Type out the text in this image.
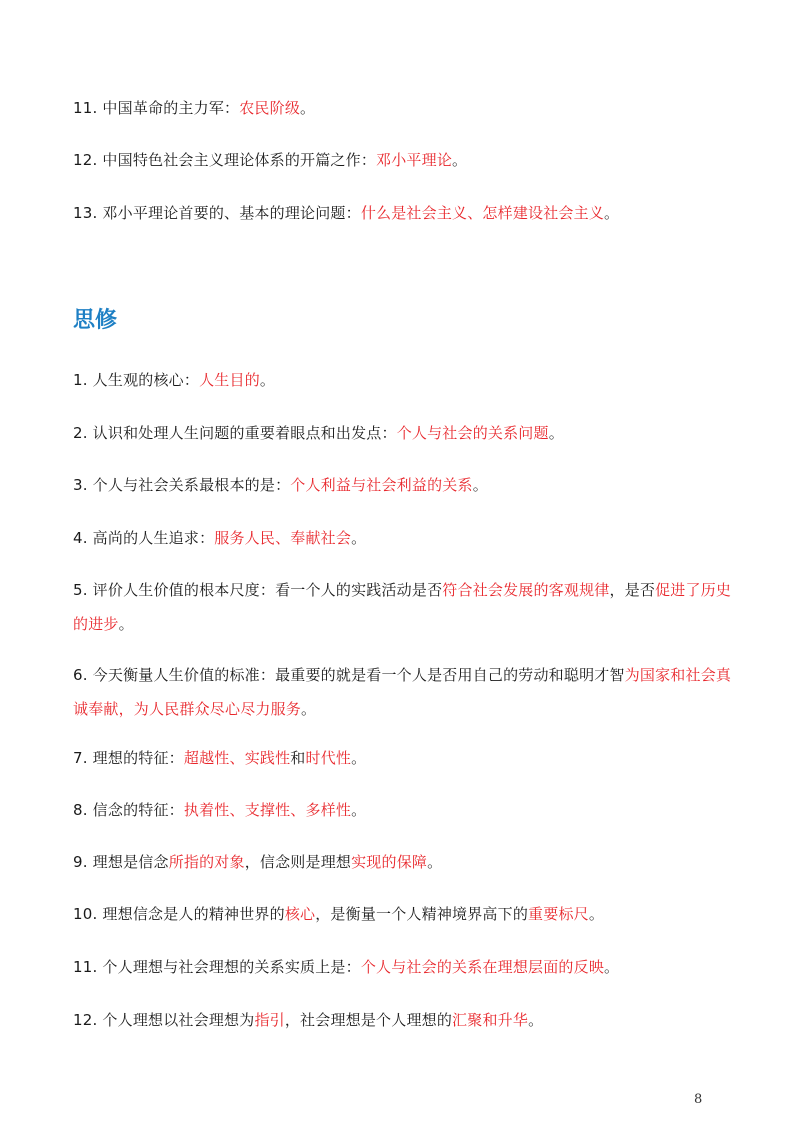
11. 中国革命的主力军：农民阶级。
12. 中国特色社会主义理论体系的开篇之作：邓小平理论。
13. 邓小平理论首要的、基本的理论问题：什么是社会主义、怎样建设社会主义。
思修
1. 人生观的核心：人生目的。
2. 认识和处理人生问题的重要着眼点和出发点：个人与社会的关系问题。
3. 个人与社会关系最根本的是：个人利益与社会利益的关系。
4. 高尚的人生追求：服务人民、奉献社会。
5. 评价人生价值的根本尺度：看一个人的实践活动是否符合社会发展的客观规律，是否促进了历史的进步。
6. 今天衡量人生价值的标准：最重要的就是看一个人是否用自己的劳动和聪明才智为国家和社会真诚奉献，为人民群众尽心尽力服务。
7. 理想的特征：超越性、实践性和时代性。
8. 信念的特征：执着性、支撑性、多样性。
9. 理想是信念所指的对象，信念则是理想实现的保障。
10. 理想信念是人的精神世界的核心，是衡量一个人精神境界高下的重要标尺。
11. 个人理想与社会理想的关系实质上是：个人与社会的关系在理想层面的反映。
12. 个人理想以社会理想为指引，社会理想是个人理想的汇聚和升华。
8
